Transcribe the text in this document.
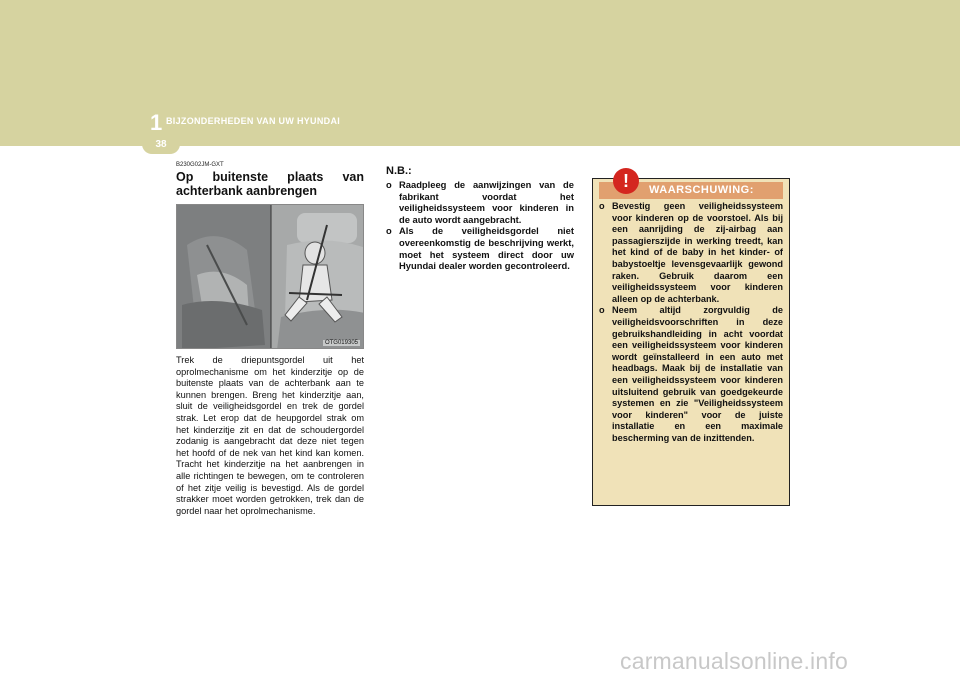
1 BIJZONDERHEDEN VAN UW HYUNDAI
38

B230G02JM-GXT

Op buitenste plaats van achterbank aanbrengen
OTG019305

Trek de driepuntsgordel uit het oprolmechanisme om het kinderzitje op de buitenste plaats van de achterbank aan te kunnen brengen. Breng het kinderzitje aan, sluit de veiligheidsgordel en trek de gordel strak. Let erop dat de heupgordel strak om het kinderzitje zit en dat de schoudergordel zodanig is aangebracht dat deze niet tegen het hoofd of de nek van het kind kan komen. Tracht het kinderzitje na het aanbrengen in alle richtingen te bewegen, om te controleren of het zitje veilig is bevestigd. Als de gordel strakker moet worden getrokken, trek dan de gordel naar het oprolmechanisme.

N.B.:

o Raadpleeg de aanwijzingen van de fabrikant voordat het veiligheidssysteem voor kinderen in de auto wordt aangebracht.
o Als de veiligheidsgordel niet overeenkomstig de beschrijving werkt, moet het systeem direct door uw Hyundai dealer worden gecontroleerd.
!	WAARSCHUWING:
o Bevestig geen veiligheidssysteem voor kinderen op de voorstoel. Als bij een aanrijding de zij-airbag aan passagierszijde in werking treedt, kan het kind of de baby in het kinder- of babystoeltje levensgevaarlijk gewond raken. Gebruik daarom een veiligheidssysteem voor kinderen alleen op de achterbank.
o Neem altijd zorgvuldig de veiligheidsvoorschriften in deze gebruikshandleiding in acht voordat een veiligheidssysteem voor kinderen wordt geïnstalleerd in een auto met headbags. Maak bij de installatie van een veiligheidssysteem voor kinderen uitsluitend gebruik van goedgekeurde systemen en zie "Veiligheidssysteem voor kinderen" voor de juiste installatie en een maximale bescherming van de inzittenden.
carmanualsonline.info
